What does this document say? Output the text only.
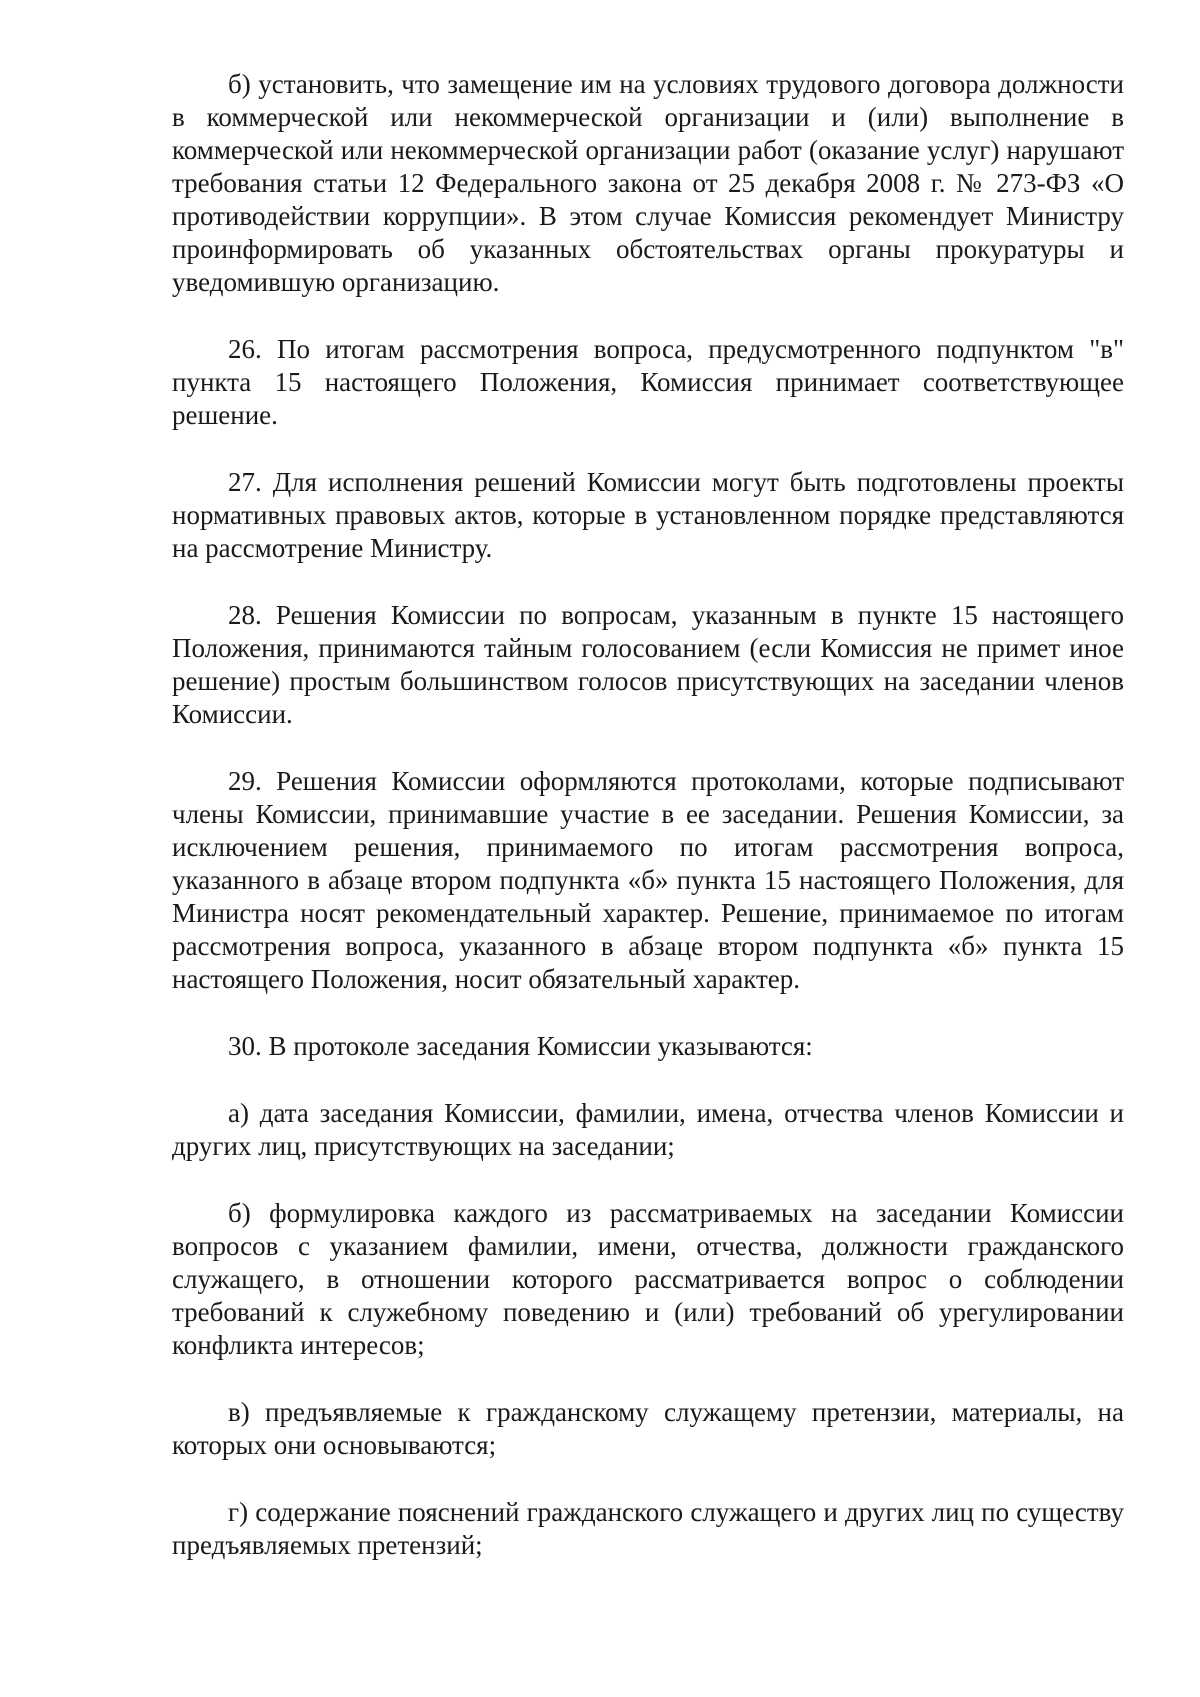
б) установить, что замещение им на условиях трудового договора должности в коммерческой или некоммерческой организации и (или) выполнение в коммерческой или некоммерческой организации работ (оказание услуг) нарушают требования статьи 12 Федерального закона от 25 декабря 2008 г. № 273-ФЗ «О противодействии коррупции». В этом случае Комиссия рекомендует Министру проинформировать об указанных обстоятельствах органы прокуратуры и уведомившую организацию.

26. По итогам рассмотрения вопроса, предусмотренного подпунктом "в" пункта 15 настоящего Положения, Комиссия принимает соответствующее решение.

27. Для исполнения решений Комиссии могут быть подготовлены проекты нормативных правовых актов, которые в установленном порядке представляются на рассмотрение Министру.

28. Решения Комиссии по вопросам, указанным в пункте 15 настоящего Положения, принимаются тайным голосованием (если Комиссия не примет иное решение) простым большинством голосов присутствующих на заседании членов Комиссии.

29. Решения Комиссии оформляются протоколами, которые подписывают члены Комиссии, принимавшие участие в ее заседании. Решения Комиссии, за исключением решения, принимаемого по итогам рассмотрения вопроса, указанного в абзаце втором подпункта «б» пункта 15 настоящего Положения, для Министра носят рекомендательный характер. Решение, принимаемое по итогам рассмотрения вопроса, указанного в абзаце втором подпункта «б» пункта 15 настоящего Положения, носит обязательный характер.

30. В протоколе заседания Комиссии указываются:

а) дата заседания Комиссии, фамилии, имена, отчества членов Комиссии и других лиц, присутствующих на заседании;

б) формулировка каждого из рассматриваемых на заседании Комиссии вопросов с указанием фамилии, имени, отчества, должности гражданского служащего, в отношении которого рассматривается вопрос о соблюдении требований к служебному поведению и (или) требований об урегулировании конфликта интересов;

в) предъявляемые к гражданскому служащему претензии, материалы, на которых они основываются;

г) содержание пояснений гражданского служащего и других лиц по существу предъявляемых претензий;
